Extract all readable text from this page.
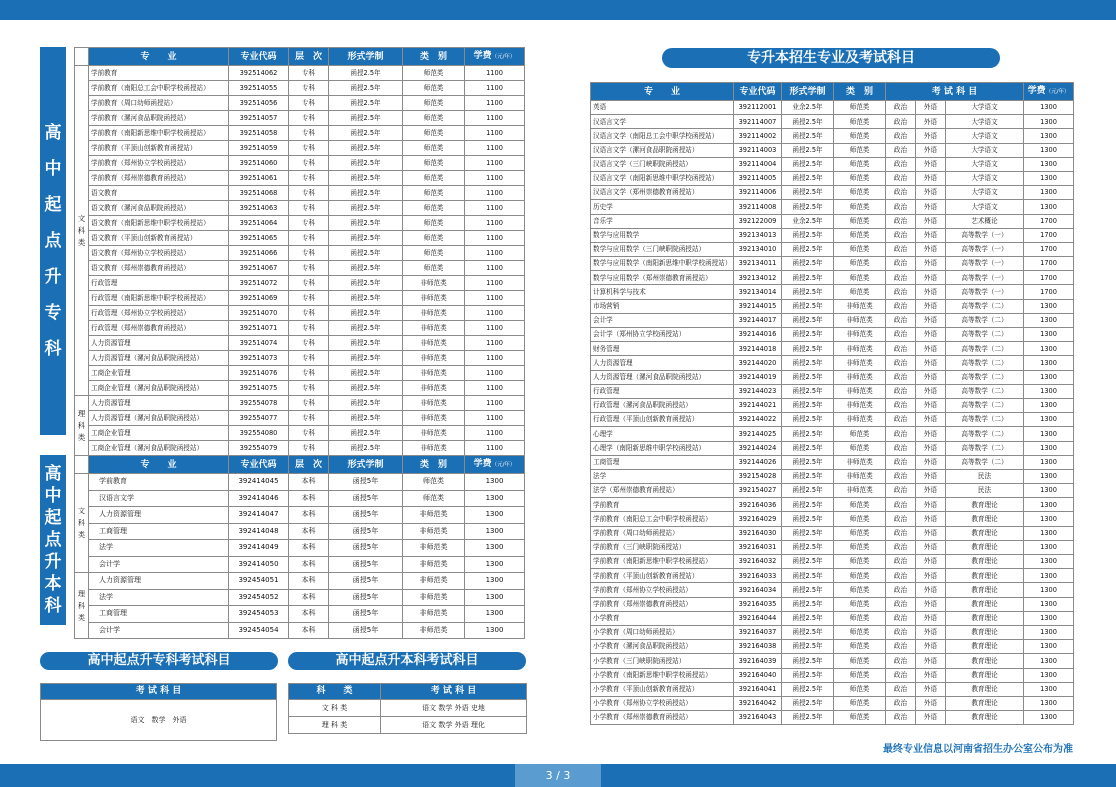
高
中
起
点
升
专
科
	专　　业	专业代码	层　次	形式学制	类　别	学费（元/年）
文科类	学前教育	392514062	专科	函授2.5年	师范类	1100
	学前教育（南阳总工会中职学校函授站）	392514055	专科	函授2.5年	师范类	1100
	学前教育（周口幼师函授站）	392514056	专科	函授2.5年	师范类	1100
	学前教育（漯河食品职院函授站）	392514057	专科	函授2.5年	师范类	1100
	学前教育（南阳新思维中职学校函授站）	392514058	专科	函授2.5年	师范类	1100
	学前教育（平顶山创新教育函授站）	392514059	专科	函授2.5年	师范类	1100
	学前教育（郑州协立学校函授站）	392514060	专科	函授2.5年	师范类	1100
	学前教育（郑州崇德教育函授站）	392514061	专科	函授2.5年	师范类	1100
	语文教育	392514068	专科	函授2.5年	师范类	1100
	语文教育（漯河食品职院函授站）	392514063	专科	函授2.5年	师范类	1100
	语文教育（南阳新思维中职学校函授站）	392514064	专科	函授2.5年	师范类	1100
	语文教育（平顶山创新教育函授站）	392514065	专科	函授2.5年	师范类	1100
	语文教育（郑州协立学校函授站）	392514066	专科	函授2.5年	师范类	1100
	语文教育（郑州崇德教育函授站）	392514067	专科	函授2.5年	师范类	1100
	行政管理	392514072	专科	函授2.5年	非师范类	1100
	行政管理（南阳新思维中职学校函授站）	392514069	专科	函授2.5年	非师范类	1100
	行政管理（郑州协立学校函授站）	392514070	专科	函授2.5年	非师范类	1100
	行政管理（郑州崇德教育函授站）	392514071	专科	函授2.5年	非师范类	1100
	人力资源管理	392514074	专科	函授2.5年	非师范类	1100
	人力资源管理（漯河食品职院函授站）	392514073	专科	函授2.5年	非师范类	1100
	工商企业管理	392514076	专科	函授2.5年	非师范类	1100
	工商企业管理（漯河食品职院函授站）	392514075	专科	函授2.5年	非师范类	1100
理科类	人力资源管理	392554078	专科	函授2.5年	非师范类	1100
	人力资源管理（漯河食品职院函授站）	392554077	专科	函授2.5年	非师范类	1100
	工商企业管理	392554080	专科	函授2.5年	非师范类	1100
	工商企业管理（漯河食品职院函授站）	392554079	专科	函授2.5年	非师范类	1100
高
中
起
点
升
本
科
	专　　业	专业代码	层　次	形式学制	类　别	学费（元/年）
文科类	学前教育	392414045	本科	函授5年	师范类	1300
	汉语言文学	392414046	本科	函授5年	师范类	1300
	人力资源管理	392414047	本科	函授5年	非师范类	1300
	工商管理	392414048	本科	函授5年	非师范类	1300
	法学	392414049	本科	函授5年	非师范类	1300
	会计学	392414050	本科	函授5年	非师范类	1300
理科类	人力资源管理	392454051	本科	函授5年	非师范类	1300
	法学	392454052	本科	函授5年	非师范类	1300
	工商管理	392454053	本科	函授5年	非师范类	1300
	会计学	392454054	本科	函授5年	非师范类	1300
高中起点升专科考试科目	高中起点升本科考试科目
专升本招生专业及考试科目
考 试 科 目
语文　数学　外语
科　　类	考 试 科 目
文 科 类	语文 数学 外语 史地
理 科 类	语文 数学 外语 理化
专　　业	专业代码	形式学制	类　别	考 试 科 目			学费（元/年）
英语	392112001	业余2.5年	师范类	政治	外语	大学语文	1300
汉语言文学	392114007	函授2.5年	师范类	政治	外语	大学语文	1300
汉语言文学（南阳总工会中职学校函授站）	392114002	函授2.5年	师范类	政治	外语	大学语文	1300
汉语言文学（漯河食品职院函授站）	392114003	函授2.5年	师范类	政治	外语	大学语文	1300
汉语言文学（三门峡职院函授站）	392114004	函授2.5年	师范类	政治	外语	大学语文	1300
汉语言文学（南阳新思维中职学校函授站）	392114005	函授2.5年	师范类	政治	外语	大学语文	1300
汉语言文学（郑州崇德教育函授站）	392114006	函授2.5年	师范类	政治	外语	大学语文	1300
历史学	392114008	函授2.5年	师范类	政治	外语	大学语文	1300
音乐学	392122009	业余2.5年	师范类	政治	外语	艺术概论	1700
数学与应用数学	392134013	函授2.5年	师范类	政治	外语	高等数学（一）	1700
数学与应用数学（三门峡职院函授站）	392134010	函授2.5年	师范类	政治	外语	高等数学（一）	1700
数学与应用数学（南阳新思维中职学校函授站）	392134011	函授2.5年	师范类	政治	外语	高等数学（一）	1700
数学与应用数学（郑州崇德教育函授站）	392134012	函授2.5年	师范类	政治	外语	高等数学（一）	1700
计算机科学与技术	392134014	函授2.5年	师范类	政治	外语	高等数学（一）	1700
市场营销	392144015	函授2.5年	非师范类	政治	外语	高等数学（二）	1300
会计学	392144017	函授2.5年	非师范类	政治	外语	高等数学（二）	1300
会计学（郑州协立学校函授站）	392144016	函授2.5年	非师范类	政治	外语	高等数学（二）	1300
财务管理	392144018	函授2.5年	非师范类	政治	外语	高等数学（二）	1300
人力资源管理	392144020	函授2.5年	非师范类	政治	外语	高等数学（二）	1300
人力资源管理（漯河食品职院函授站）	392144019	函授2.5年	非师范类	政治	外语	高等数学（二）	1300
行政管理	392144023	函授2.5年	非师范类	政治	外语	高等数学（二）	1300
行政管理（漯河食品职院函授站）	392144021	函授2.5年	非师范类	政治	外语	高等数学（二）	1300
行政管理（平顶山创新教育函授站）	392144022	函授2.5年	非师范类	政治	外语	高等数学（二）	1300
心理学	392144025	函授2.5年	师范类	政治	外语	高等数学（二）	1300
心理学（南阳新思维中职学校函授站）	392144024	函授2.5年	师范类	政治	外语	高等数学（二）	1300
工商管理	392144026	函授2.5年	非师范类	政治	外语	高等数学（二）	1300
法学	392154028	函授2.5年	非师范类	政治	外语	民法	1300
法学（郑州崇德教育函授站）	392154027	函授2.5年	非师范类	政治	外语	民法	1300
学前教育	392164036	函授2.5年	师范类	政治	外语	教育理论	1300
学前教育（南阳总工会中职学校函授站）	392164029	函授2.5年	师范类	政治	外语	教育理论	1300
学前教育（周口幼师函授站）	392164030	函授2.5年	师范类	政治	外语	教育理论	1300
学前教育（三门峡职院函授站）	392164031	函授2.5年	师范类	政治	外语	教育理论	1300
学前教育（南阳新思维中职学校函授站）	392164032	函授2.5年	师范类	政治	外语	教育理论	1300
学前教育（平顶山创新教育函授站）	392164033	函授2.5年	师范类	政治	外语	教育理论	1300
学前教育（郑州协立学校函授站）	392164034	函授2.5年	师范类	政治	外语	教育理论	1300
学前教育（郑州崇德教育函授站）	392164035	函授2.5年	师范类	政治	外语	教育理论	1300
小学教育	392164044	函授2.5年	师范类	政治	外语	教育理论	1300
小学教育（周口幼师函授站）	392164037	函授2.5年	师范类	政治	外语	教育理论	1300
小学教育（漯河食品职院函授站）	392164038	函授2.5年	师范类	政治	外语	教育理论	1300
小学教育（三门峡职院函授站）	392164039	函授2.5年	师范类	政治	外语	教育理论	1300
小学教育（南阳新思维中职学校函授站）	392164040	函授2.5年	师范类	政治	外语	教育理论	1300
小学教育（平顶山创新教育函授站）	392164041	函授2.5年	师范类	政治	外语	教育理论	1300
小学教育（郑州协立学校函授站）	392164042	函授2.5年	师范类	政治	外语	教育理论	1300
小学教育（郑州崇德教育函授站）	392164043	函授2.5年	师范类	政治	外语	教育理论	1300
最终专业信息以河南省招生办公室公布为准
3 / 3
